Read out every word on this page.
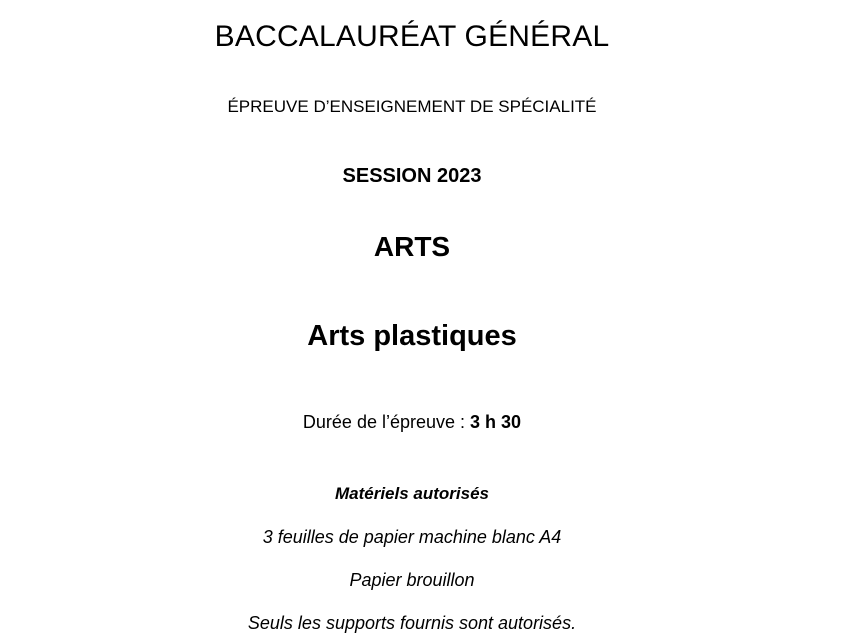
BACCALAURÉAT GÉNÉRAL
ÉPREUVE D’ENSEIGNEMENT DE SPÉCIALITÉ
SESSION 2023
ARTS
Arts plastiques
Durée de l’épreuve : 3 h 30
Matériels autorisés
3 feuilles de papier machine blanc A4
Papier brouillon
Seuls les supports fournis sont autorisés.
